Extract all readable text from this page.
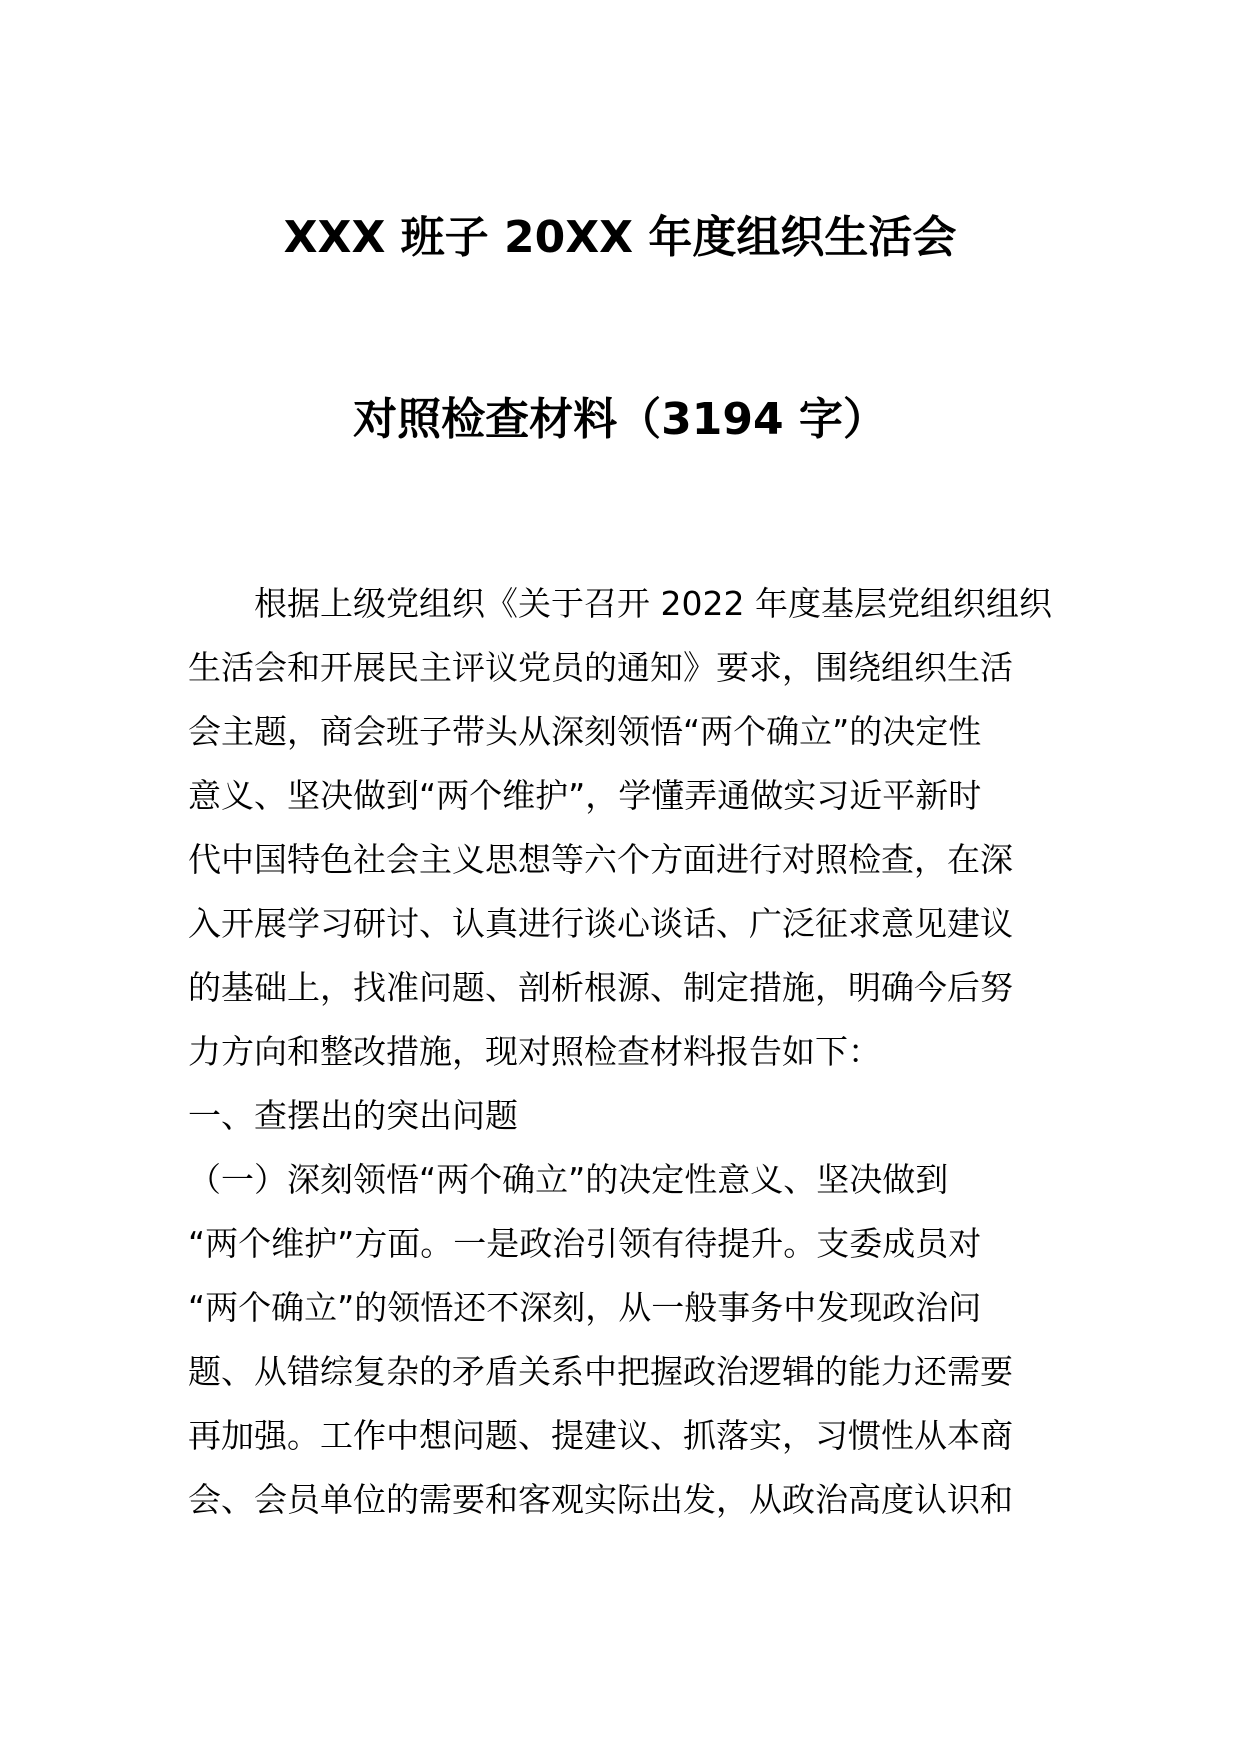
XXX 班子 20XX 年度组织生活会
对照检查材料（3194 字）
　　根据上级党组织《关于召开 2022 年度基层党组织组织
生活会和开展民主评议党员的通知》要求，围绕组织生活
会主题，商会班子带头从深刻领悟“两个确立”的决定性
意义、坚决做到“两个维护”，学懂弄通做实习近平新时
代中国特色社会主义思想等六个方面进行对照检查，在深
入开展学习研讨、认真进行谈心谈话、广泛征求意见建议
的基础上，找准问题、剖析根源、制定措施，明确今后努
力方向和整改措施，现对照检查材料报告如下：
一、查摆出的突出问题
（一）深刻领悟“两个确立”的决定性意义、坚决做到
“两个维护”方面。一是政治引领有待提升。支委成员对
“两个确立”的领悟还不深刻，从一般事务中发现政治问
题、从错综复杂的矛盾关系中把握政治逻辑的能力还需要
再加强。工作中想问题、提建议、抓落实，习惯性从本商
会、会员单位的需要和客观实际出发，从政治高度认识和
